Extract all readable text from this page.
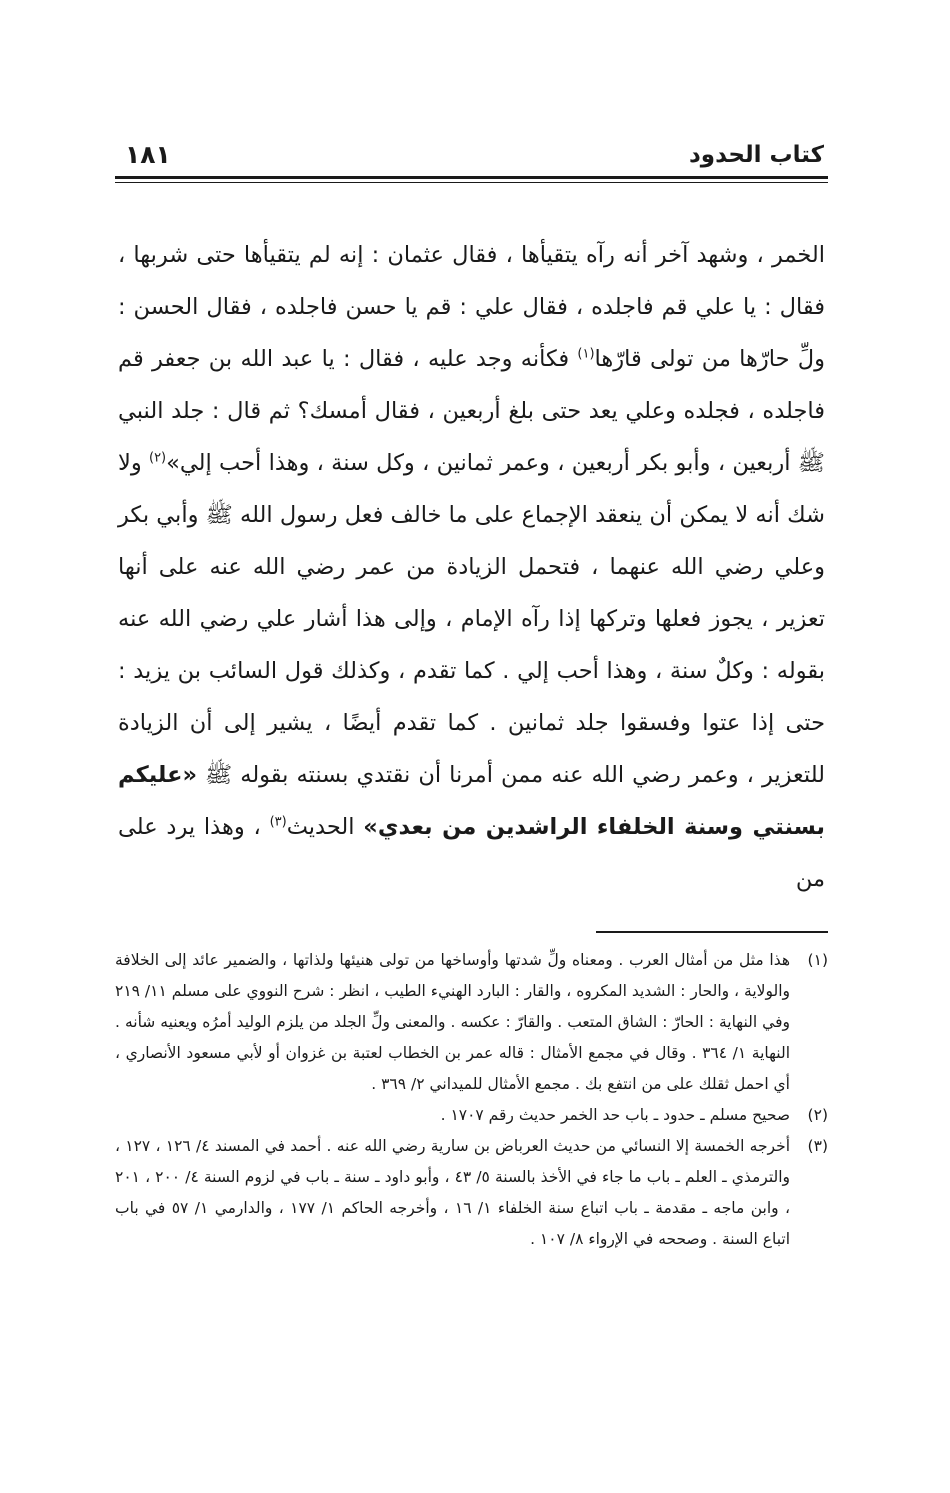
كتاب الحدود
١٨١
الخمر ، وشهد آخر أنه رآه يتقيأها ، فقال عثمان : إنه لم يتقيأها حتى شربها ، فقال : يا علي قم فاجلده ، فقال علي : قم يا حسن فاجلده ، فقال الحسن : ولِّ حارّها من تولى قارّها$^{(١)}$ فكأنه وجد عليه ، فقال : يا عبد الله بن جعفر قم فاجلده ، فجلده وعلي يعد حتى بلغ أربعين ، فقال أمسك؟ ثم قال : جلد النبي ﷺ أربعين ، وأبو بكر أربعين ، وعمر ثمانين ، وكل سنة ، وهذا أحب إلي»$^{(٢)}$ ولا شك أنه لا يمكن أن ينعقد الإجماع على ما خالف فعل رسول الله ﷺ وأبي بكر وعلي رضي الله عنهما ، فتحمل الزيادة من عمر رضي الله عنه على أنها تعزير ، يجوز فعلها وتركها إذا رآه الإمام ، وإلى هذا أشار علي رضي الله عنه بقوله : وكلٌ سنة ، وهذا أحب إلي . كما تقدم ، وكذلك قول السائب بن يزيد : حتى إذا عتوا وفسقوا جلد ثمانين . كما تقدم أيضًا ، يشير إلى أن الزيادة للتعزير ، وعمر رضي الله عنه ممن أمرنا أن نقتدي بسنته بقوله ﷺ «عليكم بسنتي وسنة الخلفاء الراشدين من بعدي» الحديث$^{(٣)}$ ، وهذا يرد على من
(١)
هذا مثل من أمثال العرب . ومعناه ولِّ شدتها وأوساخها من تولى هنيئها ولذاتها ، والضمير عائد إلى الخلافة والولاية ، والحار : الشديد المكروه ، والقار : البارد الهنيء الطيب ، انظر : شرح النووي على مسلم ١١/ ٢١٩ وفي النهاية : الحارّ : الشاق المتعب . والقارّ : عكسه . والمعنى ولِّ الجلد من يلزم الوليد أمرُه ويعنيه شأنه . النهاية ١/ ٣٦٤ . وقال في مجمع الأمثال : قاله عمر بن الخطاب لعتبة بن غزوان أو لأبي مسعود الأنصاري ، أي احمل ثقلك على من انتفع بك . مجمع الأمثال للميداني ٢/ ٣٦٩ .
(٢)
صحيح مسلم ـ حدود ـ باب حد الخمر حديث رقم ١٧٠٧ .
(٣)
أخرجه الخمسة إلا النسائي من حديث العرباض بن سارية رضي الله عنه . أحمد في المسند ٤/ ١٢٦ ، ١٢٧ ، والترمذي ـ العلم ـ باب ما جاء في الأخذ بالسنة ٥/ ٤٣ ، وأبو داود ـ سنة ـ باب في لزوم السنة ٤/ ٢٠٠ ، ٢٠١ ، وابن ماجه ـ مقدمة ـ باب اتباع سنة الخلفاء ١/ ١٦ ، وأخرجه الحاكم ١/ ١٧٧ ، والدارمي ١/ ٥٧ في باب اتباع السنة . وصححه في الإرواء ٨/ ١٠٧ .
